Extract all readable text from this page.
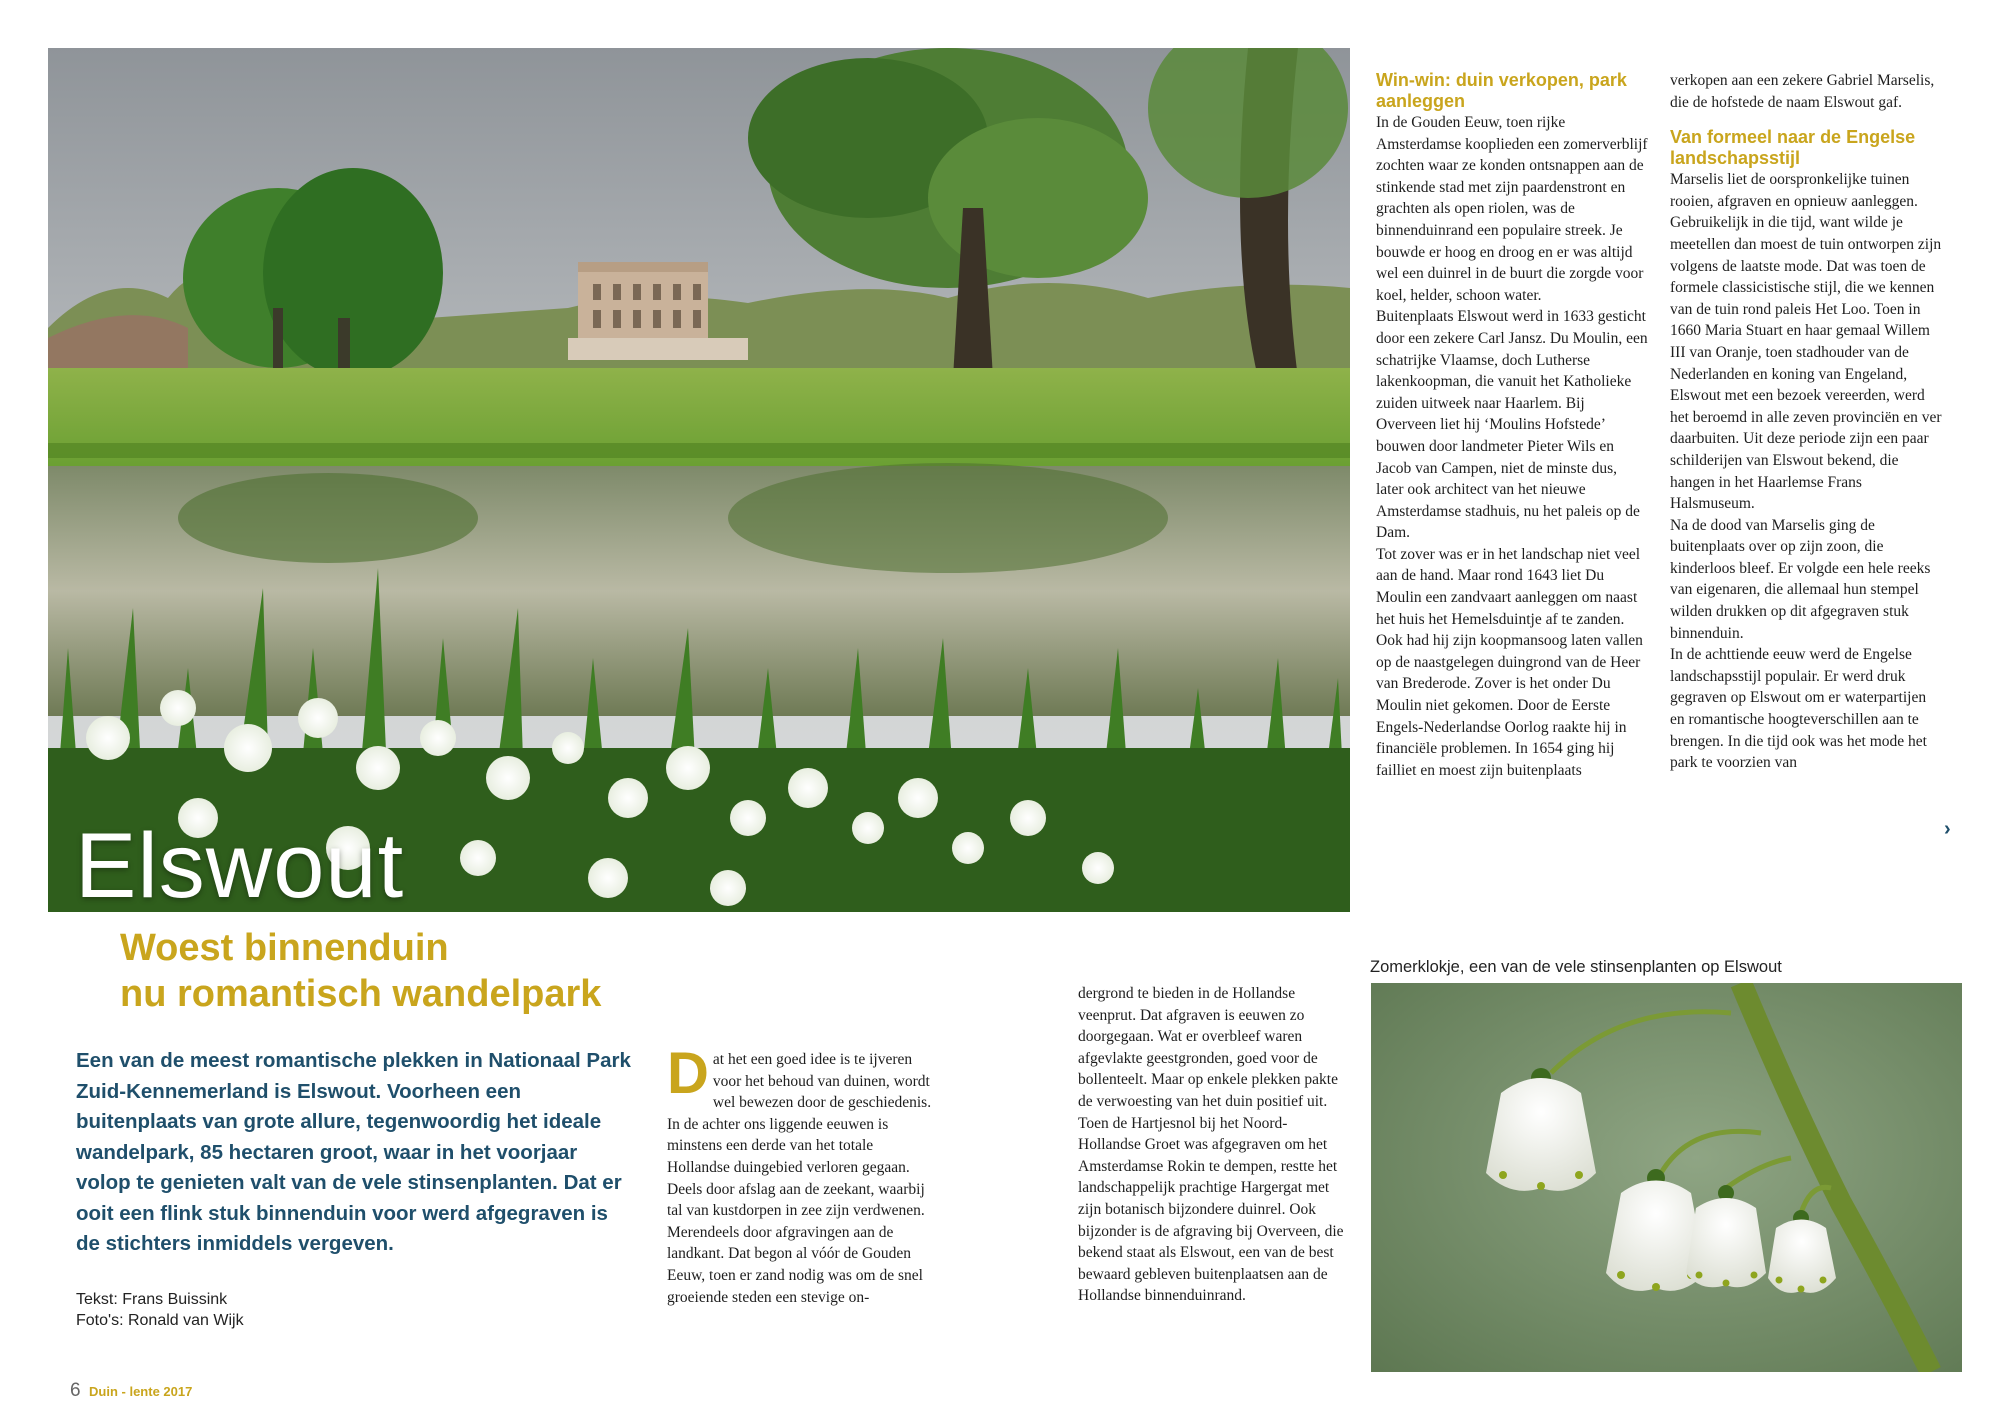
Elswout
Woest binnenduin
nu romantisch wandelpark
Een van de meest romantische plekken in Nationaal Park Zuid-Kennemerland is Elswout. Voorheen een buitenplaats van grote allure, tegenwoordig het ideale wandelpark, 85 hectaren groot, waar in het voorjaar volop te genieten valt van de vele stinsenplanten. Dat er ooit een flink stuk binnenduin voor werd afgegraven is de stichters inmiddels vergeven.
Tekst: Frans Buissink
Foto's: Ronald van Wijk
6 Duin - lente 2017
D at het een goed idee is te ijveren voor het behoud van duinen, wordt wel bewezen door de geschiedenis. In de achter ons liggende eeuwen is minstens een derde van het totale Hollandse duingebied verloren gegaan. Deels door afslag aan de zeekant, waarbij tal van kustdorpen in zee zijn verdwenen. Merendeels door afgravingen aan de landkant. Dat begon al vóór de Gouden Eeuw, toen er zand nodig was om de snel groeiende steden een stevige on-

dergrond te bieden in de Hollandse veenprut. Dat afgraven is eeuwen zo doorgegaan. Wat er overbleef waren afgevlakte geestgronden, goed voor de bollenteelt. Maar op enkele plekken pakte de verwoesting van het duin positief uit. Toen de Hartjesnol bij het Noord-Hollandse Groet was afgegraven om het Amsterdamse Rokin te dempen, restte het landschappelijk prachtige Hargergat met zijn botanisch bijzondere duinrel. Ook bijzonder is de afgraving bij Overveen, die bekend staat als Elswout, een van de best bewaard gebleven buitenplaatsen aan de Hollandse binnenduinrand.

Win-win: duin verkopen, park aanleggen

In de Gouden Eeuw, toen rijke Amsterdamse kooplieden een zomerverblijf zochten waar ze konden ontsnappen aan de stinkende stad met zijn paardenstront en grachten als open riolen, was de binnenduinrand een populaire streek. Je bouwde er hoog en droog en er was altijd wel een duinrel in de buurt die zorgde voor koel, helder, schoon water.

Buitenplaats Elswout werd in 1633 gesticht door een zekere Carl Jansz. Du Moulin, een schatrijke Vlaamse, doch Lutherse lakenkoopman, die vanuit het Katholieke zuiden uitweek naar Haarlem. Bij Overveen liet hij ‘Moulins Hofstede’ bouwen door landmeter Pieter Wils en Jacob van Campen, niet de minste dus, later ook architect van het nieuwe Amsterdamse stadhuis, nu het paleis op de Dam.

Tot zover was er in het landschap niet veel aan de hand. Maar rond 1643 liet Du Moulin een zandvaart aanleggen om naast het huis het Hemelsduintje af te zanden. Ook had hij zijn koopmansoog laten vallen op de naastgelegen duingrond van de Heer van Brederode. Zover is het onder Du Moulin niet gekomen. Door de Eerste Engels-Nederlandse Oorlog raakte hij in financiële problemen. In 1654 ging hij failliet en moest zijn buitenplaats

verkopen aan een zekere Gabriel Marselis, die de hofstede de naam Elswout gaf.

Van formeel naar de Engelse landschapsstijl

Marselis liet de oorspronkelijke tuinen rooien, afgraven en opnieuw aanleggen. Gebruikelijk in die tijd, want wilde je meetellen dan moest de tuin ontworpen zijn volgens de laatste mode. Dat was toen de formele classicistische stijl, die we kennen van de tuin rond paleis Het Loo. Toen in 1660 Maria Stuart en haar gemaal Willem III van Oranje, toen stadhouder van de Nederlanden en koning van Engeland, Elswout met een bezoek vereerden, werd het beroemd in alle zeven provinciën en ver daarbuiten. Uit deze periode zijn een paar schilderijen van Elswout bekend, die hangen in het Haarlemse Frans Halsmuseum.

Na de dood van Marselis ging de buitenplaats over op zijn zoon, die kinderloos bleef. Er volgde een hele reeks van eigenaren, die allemaal hun stempel wilden drukken op dit afgegraven stuk binnenduin.

In de achttiende eeuw werd de Engelse landschapsstijl populair. Er werd druk gegraven op Elswout om er waterpartijen en romantische hoogteverschillen aan te brengen. In die tijd ook was het mode het park te voorzien van

›
Zomerklokje, een van de vele stinsenplanten op Elswout
